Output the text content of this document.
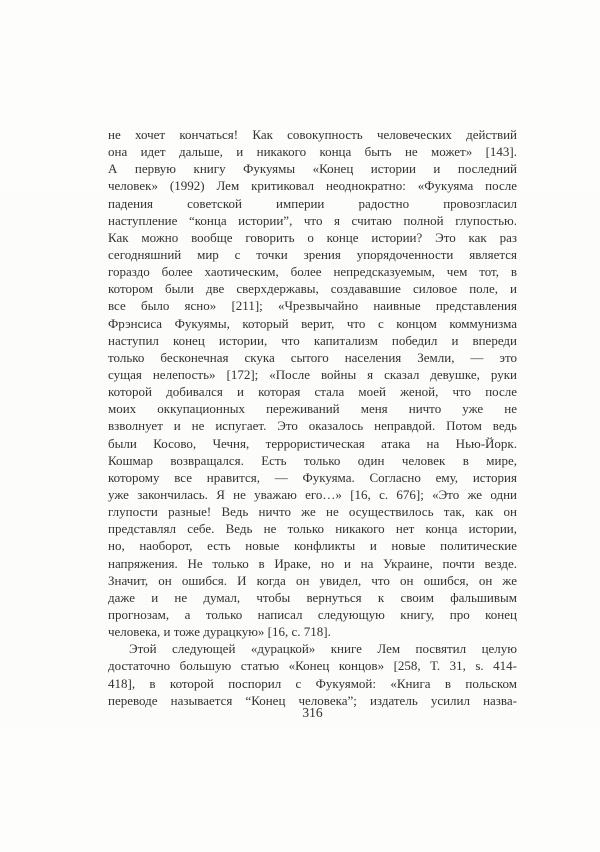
не хочет кончаться! Как совокупность человеческих действий
она идет дальше, и никакого конца быть не может» [143].
А первую книгу Фукуямы «Конец истории и последний
человек» (1992) Лем критиковал неоднократно: «Фукуяма после
падения советской империи радостно провозгласил
наступление “конца истории”, что я считаю полной глупостью.
Как можно вообще говорить о конце истории? Это как раз
сегодняшний мир с точки зрения упорядоченности является
гораздо более хаотическим, более непредсказуемым, чем тот, в
котором были две сверхдержавы, создававшие силовое поле, и
все было ясно» [211]; «Чрезвычайно наивные представления
Фрэнсиса Фукуямы, который верит, что с концом коммунизма
наступил конец истории, что капитализм победил и впереди
только бесконечная скука сытого населения Земли, — это
сущая нелепость» [172]; «После войны я сказал девушке, руки
которой добивался и которая стала моей женой, что после
моих оккупационных переживаний меня ничто уже не
взволнует и не испугает. Это оказалось неправдой. Потом ведь
были Косово, Чечня, террористическая атака на Нью-Йорк.
Кошмар возвращался. Есть только один человек в мире,
которому все нравится, — Фукуяма. Согласно ему, история
уже закончилась. Я не уважаю его…» [16, с. 676]; «Это же одни
глупости разные! Ведь ничто же не осуществилось так, как он
представлял себе. Ведь не только никакого нет конца истории,
но, наоборот, есть новые конфликты и новые политические
напряжения. Не только в Ираке, но и на Украине, почти везде.
Значит, он ошибся. И когда он увидел, что он ошибся, он же
даже и не думал, чтобы вернуться к своим фальшивым
прогнозам, а только написал следующую книгу, про конец
человека, и тоже дурацкую» [16, с. 718].
Этой следующей «дурацкой» книге Лем посвятил целую
достаточно большую статью «Конец концов» [258, Т. 31, s. 414-
418], в которой поспорил с Фукуямой: «Книга в польском
переводе называется “Конец человека”; издатель усилил назва-
316
